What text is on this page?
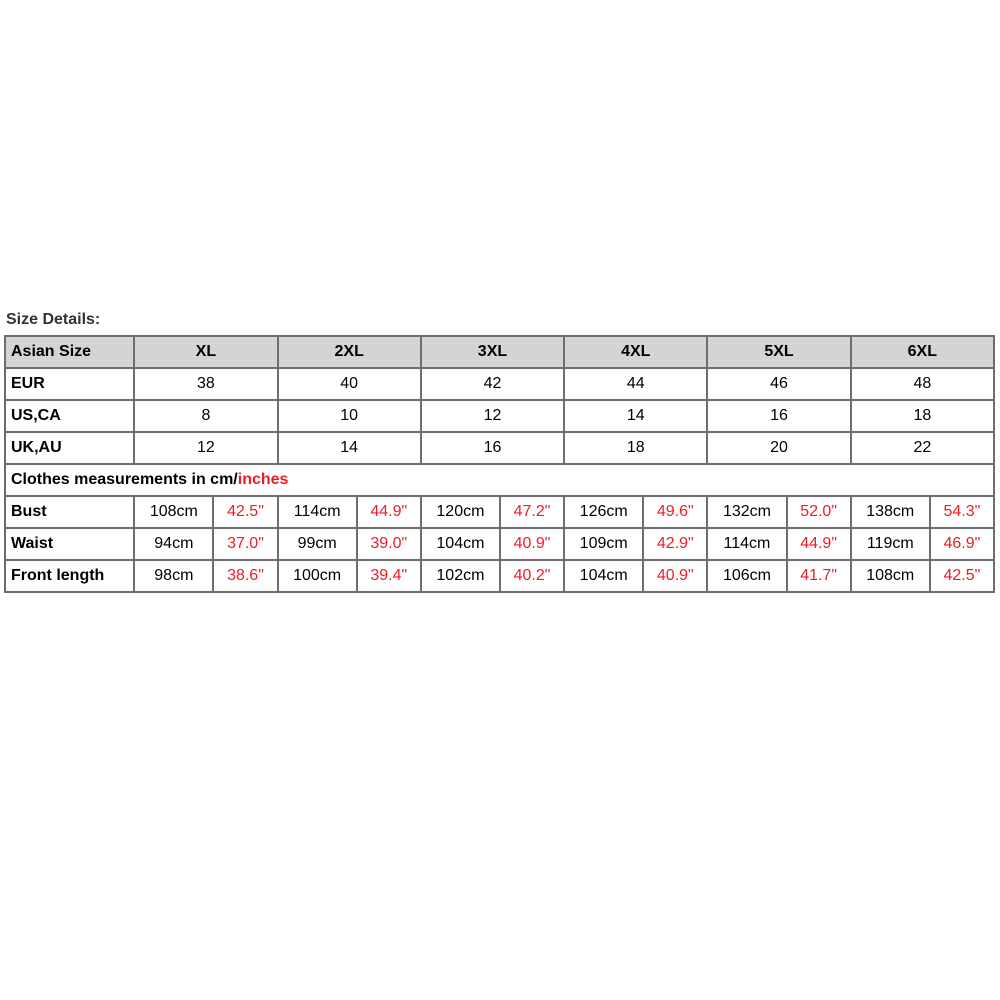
Size Details:
Asian Size	XL		2XL		3XL		4XL		5XL		6XL	
EUR	38		40		42		44		46		48	
US,CA	8		10		12		14		16		18	
UK,AU	12		14		16		18		20		22	
Clothes measurements in cm/inches												
Bust	108cm	42.5"	114cm	44.9"	120cm	47.2"	126cm	49.6"	132cm	52.0"	138cm	54.3"
Waist	94cm	37.0"	99cm	39.0"	104cm	40.9"	109cm	42.9"	114cm	44.9"	119cm	46.9"
Front length	98cm	38.6"	100cm	39.4"	102cm	40.2"	104cm	40.9"	106cm	41.7"	108cm	42.5"
